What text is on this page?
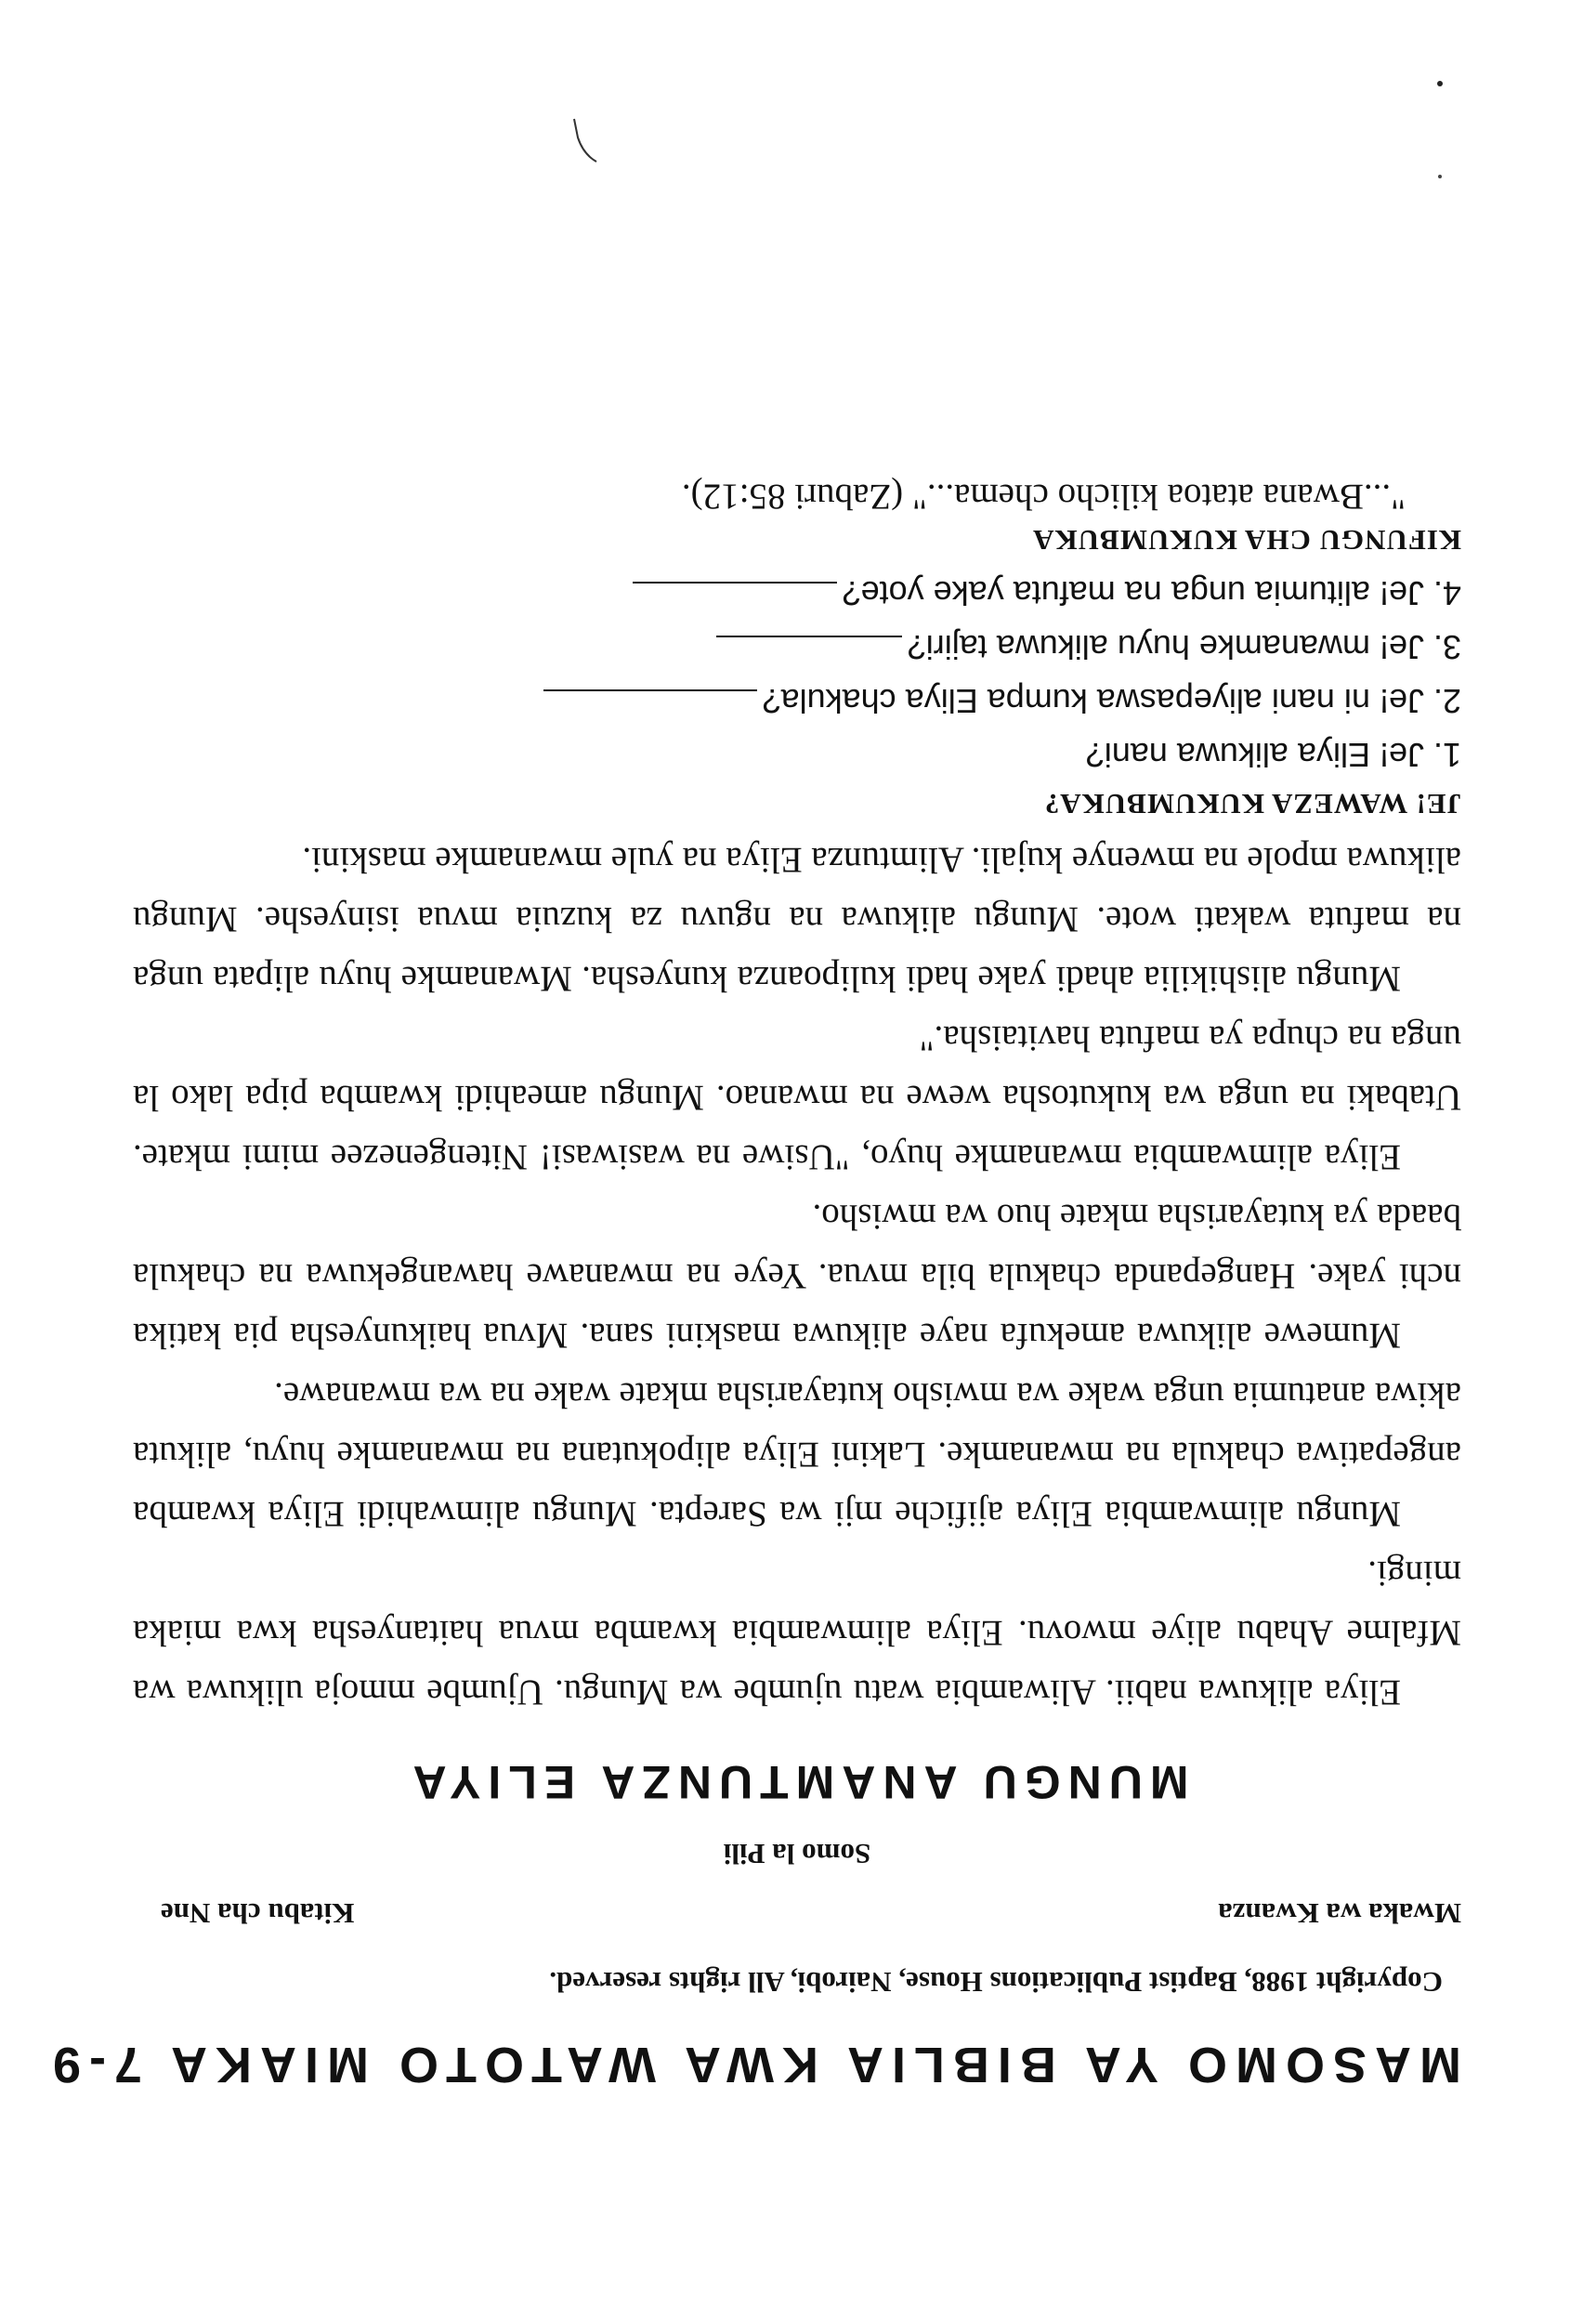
MASOMO YA BIBLIA KWA WATOTO MIAKA 7-9
Copyright 1988, Baptist Publications House, Nairobi, All rights reserved.
Mwaka wa Kwanza
Kitabu cha Nne
Somo la Pili
MUNGU ANAMTUNZA ELIYA

Eliya alikuwa nabii. Aliwambia watu ujumbe wa Mungu. Ujumbe mmoja ulikuwa wa Mfalme Ahabu aliye mwovu. Eliya alimwambia kwamba mvua haitanyesha kwa miaka mingi.

Mungu alimwambia Eliya ajifiche mji wa Sarepta. Mungu alimwahidi Eliya kwamba angepatiwa chakula na mwanamke. Lakini Eliya alipokutana na mwanamke huyu, alikuta akiwa anatumia unga wake wa mwisho kutayarisha mkate wake na wa mwanawe.

Mumewe alikuwa amekufa naye alikuwa maskini sana. Mvua haikunyesha pia katika nchi yake. Hangepanda chakula bila mvua. Yeye na mwanawe hawangekuwa na chakula baada ya kutayarisha mkate huo wa mwisho.

Eliya alimwambia mwanamke huyo, "Usiwe na wasiwasi! Nitengenezee mimi mkate. Utabaki na unga wa kukutosha wewe na mwanao. Mungu ameahidi kwamba pipa lako la unga na chupa ya mafuta havitaisha."

Mungu alishikilia ahadi yake hadi kulipoanza kunyesha. Mwanamke huyu alipata unga na mafuta wakati wote. Mungu alikuwa na nguvu za kuzuia mvua isinyeshe. Mungu alikuwa mpole na mwenye kujali. Alimtunza Eliya na yule mwanamke maskini.

JE! WAWEZA KUKUMBUKA?

1. Je! Eliya alikuwa nani?

2. Je! ni nani aliyepaswa kumpa Eliya chakula?

3. Je! mwanamke huyu alikuwa tajiri?

4. Je! alitumia unga na mafuta yake yote?

KIFUNGU CHA KUKUMBUKA
"...Bwana atatoa kilicho chema..." (Zaburi 85:12).
